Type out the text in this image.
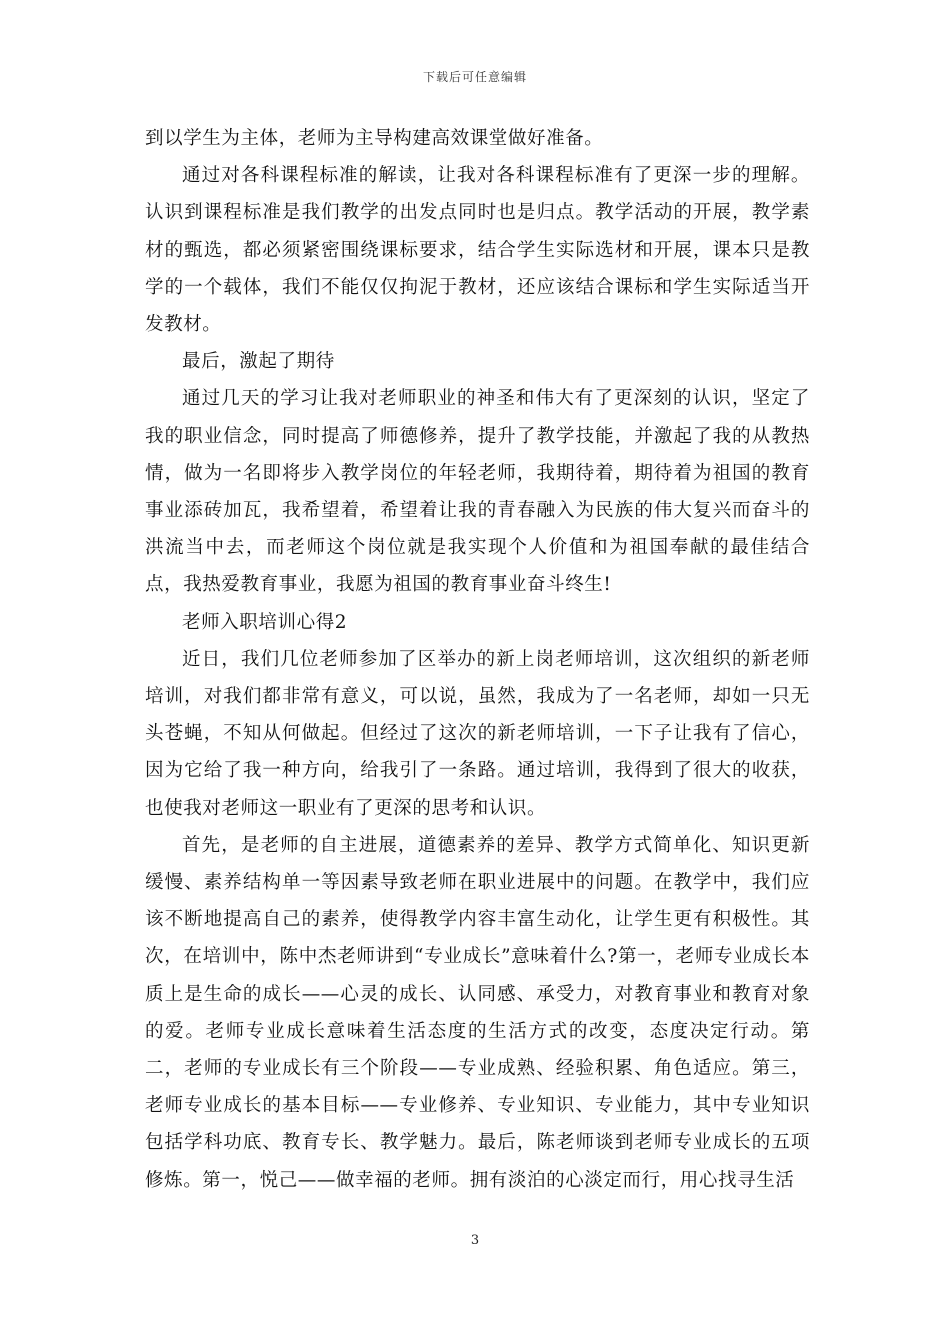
下载后可任意编辑

到以学生为主体，老师为主导构建高效课堂做好准备。

通过对各科课程标准的解读，让我对各科课程标准有了更深一步的理解。认识到课程标准是我们教学的出发点同时也是归点。教学活动的开展，教学素材的甄选，都必须紧密围绕课标要求，结合学生实际选材和开展，课本只是教学的一个载体，我们不能仅仅拘泥于教材，还应该结合课标和学生实际适当开发教材。

最后，激起了期待

通过几天的学习让我对老师职业的神圣和伟大有了更深刻的认识，坚定了我的职业信念，同时提高了师德修养，提升了教学技能，并激起了我的从教热情，做为一名即将步入教学岗位的年轻老师，我期待着，期待着为祖国的教育事业添砖加瓦，我希望着，希望着让我的青春融入为民族的伟大复兴而奋斗的洪流当中去，而老师这个岗位就是我实现个人价值和为祖国奉献的最佳结合点，我热爱教育事业，我愿为祖国的教育事业奋斗终生!

老师入职培训心得2

近日，我们几位老师参加了区举办的新上岗老师培训，这次组织的新老师培训，对我们都非常有意义，可以说，虽然，我成为了一名老师，却如一只无头苍蝇，不知从何做起。但经过了这次的新老师培训，一下子让我有了信心，因为它给了我一种方向，给我引了一条路。通过培训，我得到了很大的收获，也使我对老师这一职业有了更深的思考和认识。

首先，是老师的自主进展，道德素养的差异、教学方式简单化、知识更新缓慢、素养结构单一等因素导致老师在职业进展中的问题。在教学中，我们应该不断地提高自己的素养，使得教学内容丰富生动化，让学生更有积极性。其次，在培训中，陈中杰老师讲到“专业成长”意味着什么?第一，老师专业成长本质上是生命的成长——心灵的成长、认同感、承受力，对教育事业和教育对象的爱。老师专业成长意味着生活态度的生活方式的改变，态度决定行动。第二，老师的专业成长有三个阶段——专业成熟、经验积累、角色适应。第三，老师专业成长的基本目标——专业修养、专业知识、专业能力，其中专业知识包括学科功底、教育专长、教学魅力。最后，陈老师谈到老师专业成长的五项修炼。第一，悦己——做幸福的老师。拥有淡泊的心淡定而行，用心找寻生活

3
